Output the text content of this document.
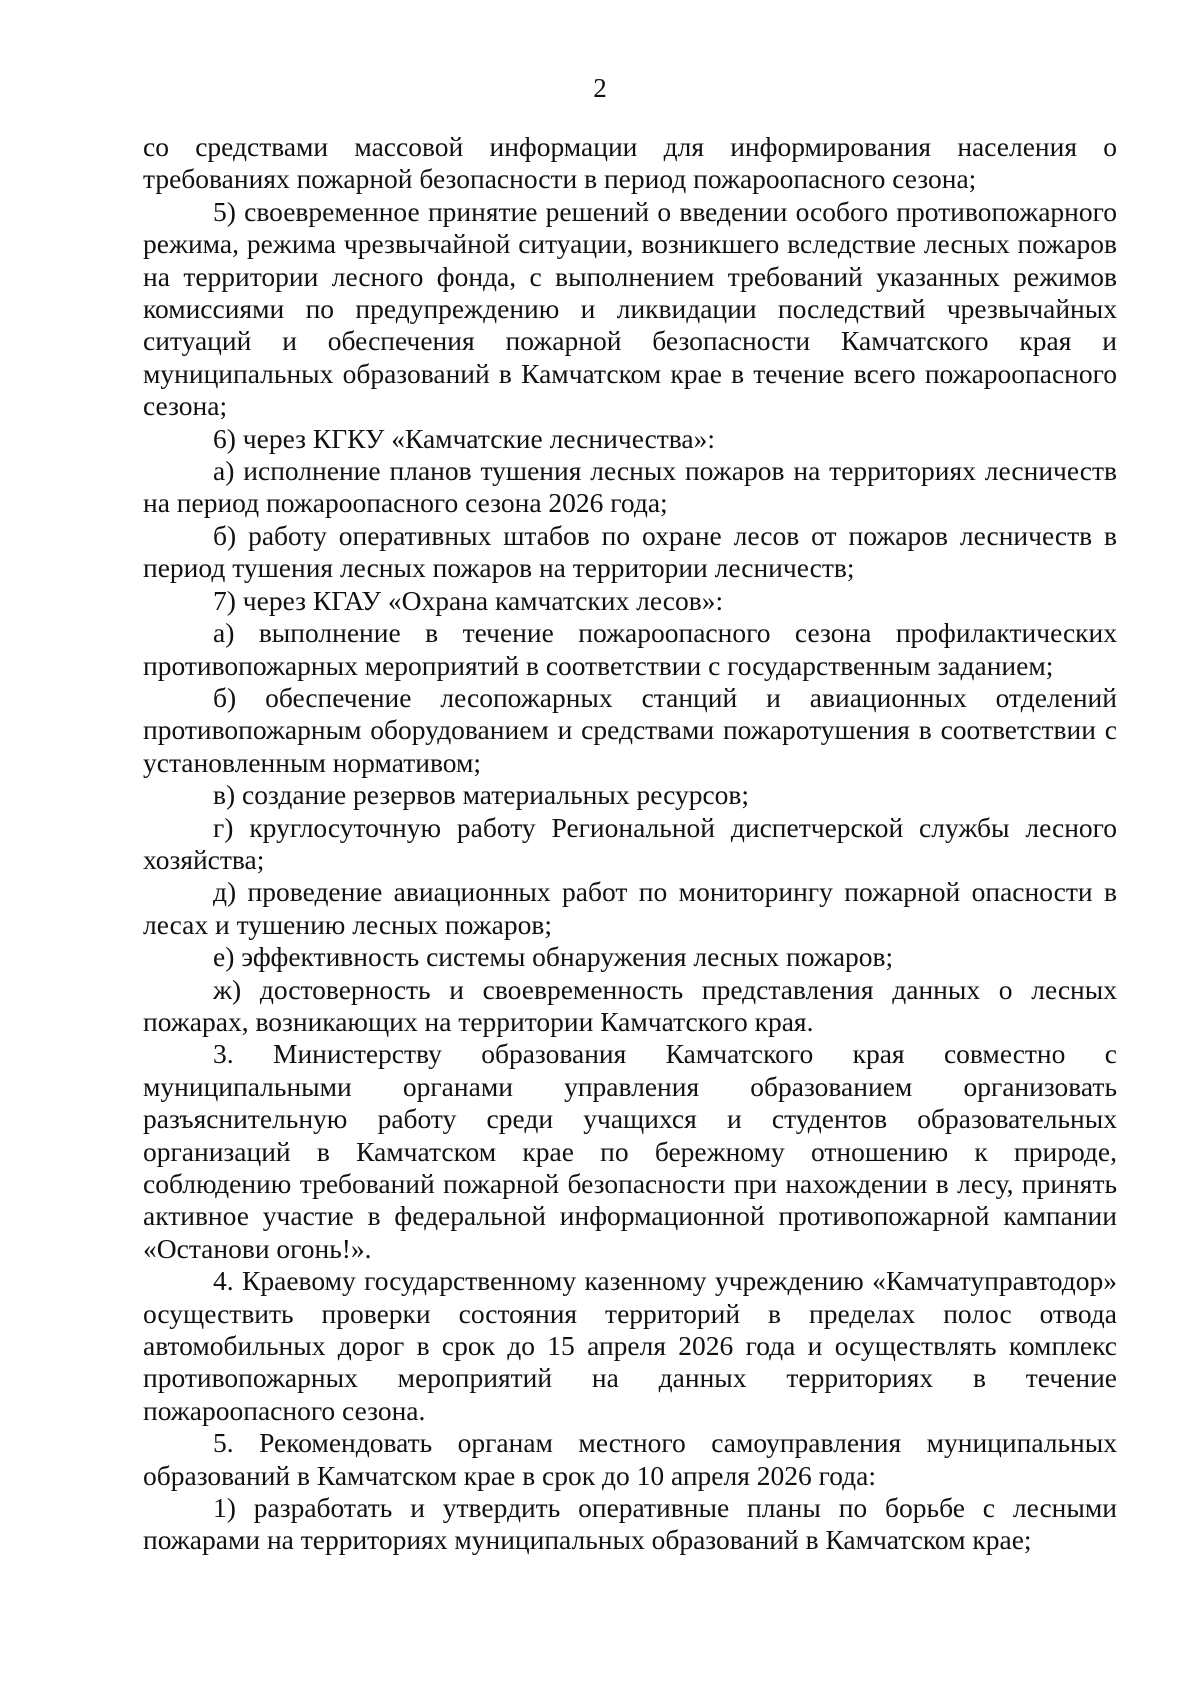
2

со средствами массовой информации для информирования населения о требованиях пожарной безопасности в период пожароопасного сезона;

5) своевременное принятие решений о введении особого противопожарного режима, режима чрезвычайной ситуации, возникшего вследствие лесных пожаров на территории лесного фонда, с выполнением требований указанных режимов комиссиями по предупреждению и ликвидации последствий чрезвычайных ситуаций и обеспечения пожарной безопасности Камчатского края и муниципальных образований в Камчатском крае в течение всего пожароопасного сезона;

6) через КГКУ «Камчатские лесничества»:

а) исполнение планов тушения лесных пожаров на территориях лесничеств на период пожароопасного сезона 2026 года;

б) работу оперативных штабов по охране лесов от пожаров лесничеств в период тушения лесных пожаров на территории лесничеств;

7) через КГАУ «Охрана камчатских лесов»:

а) выполнение в течение пожароопасного сезона профилактических противопожарных мероприятий в соответствии с государственным заданием;

б) обеспечение лесопожарных станций и авиационных отделений противопожарным оборудованием и средствами пожаротушения в соответствии с установленным нормативом;

в) создание резервов материальных ресурсов;

г) круглосуточную работу Региональной диспетчерской службы лесного хозяйства;

д) проведение авиационных работ по мониторингу пожарной опасности в лесах и тушению лесных пожаров;

е) эффективность системы обнаружения лесных пожаров;

ж) достоверность и своевременность представления данных о лесных пожарах, возникающих на территории Камчатского края.

3. Министерству образования Камчатского края совместно с муниципальными органами управления образованием организовать разъяснительную работу среди учащихся и студентов образовательных организаций в Камчатском крае по бережному отношению к природе, соблюдению требований пожарной безопасности при нахождении в лесу, принять активное участие в федеральной информационной противопожарной кампании «Останови огонь!».

4. Краевому государственному казенному учреждению «Камчатуправтодор» осуществить проверки состояния территорий в пределах полос отвода автомобильных дорог в срок до 15 апреля 2026 года и осуществлять комплекс противопожарных мероприятий на данных территориях в течение пожароопасного сезона.

5. Рекомендовать органам местного самоуправления муниципальных образований в Камчатском крае в срок до 10 апреля 2026 года:

1) разработать и утвердить оперативные планы по борьбе с лесными пожарами на территориях муниципальных образований в Камчатском крае;
